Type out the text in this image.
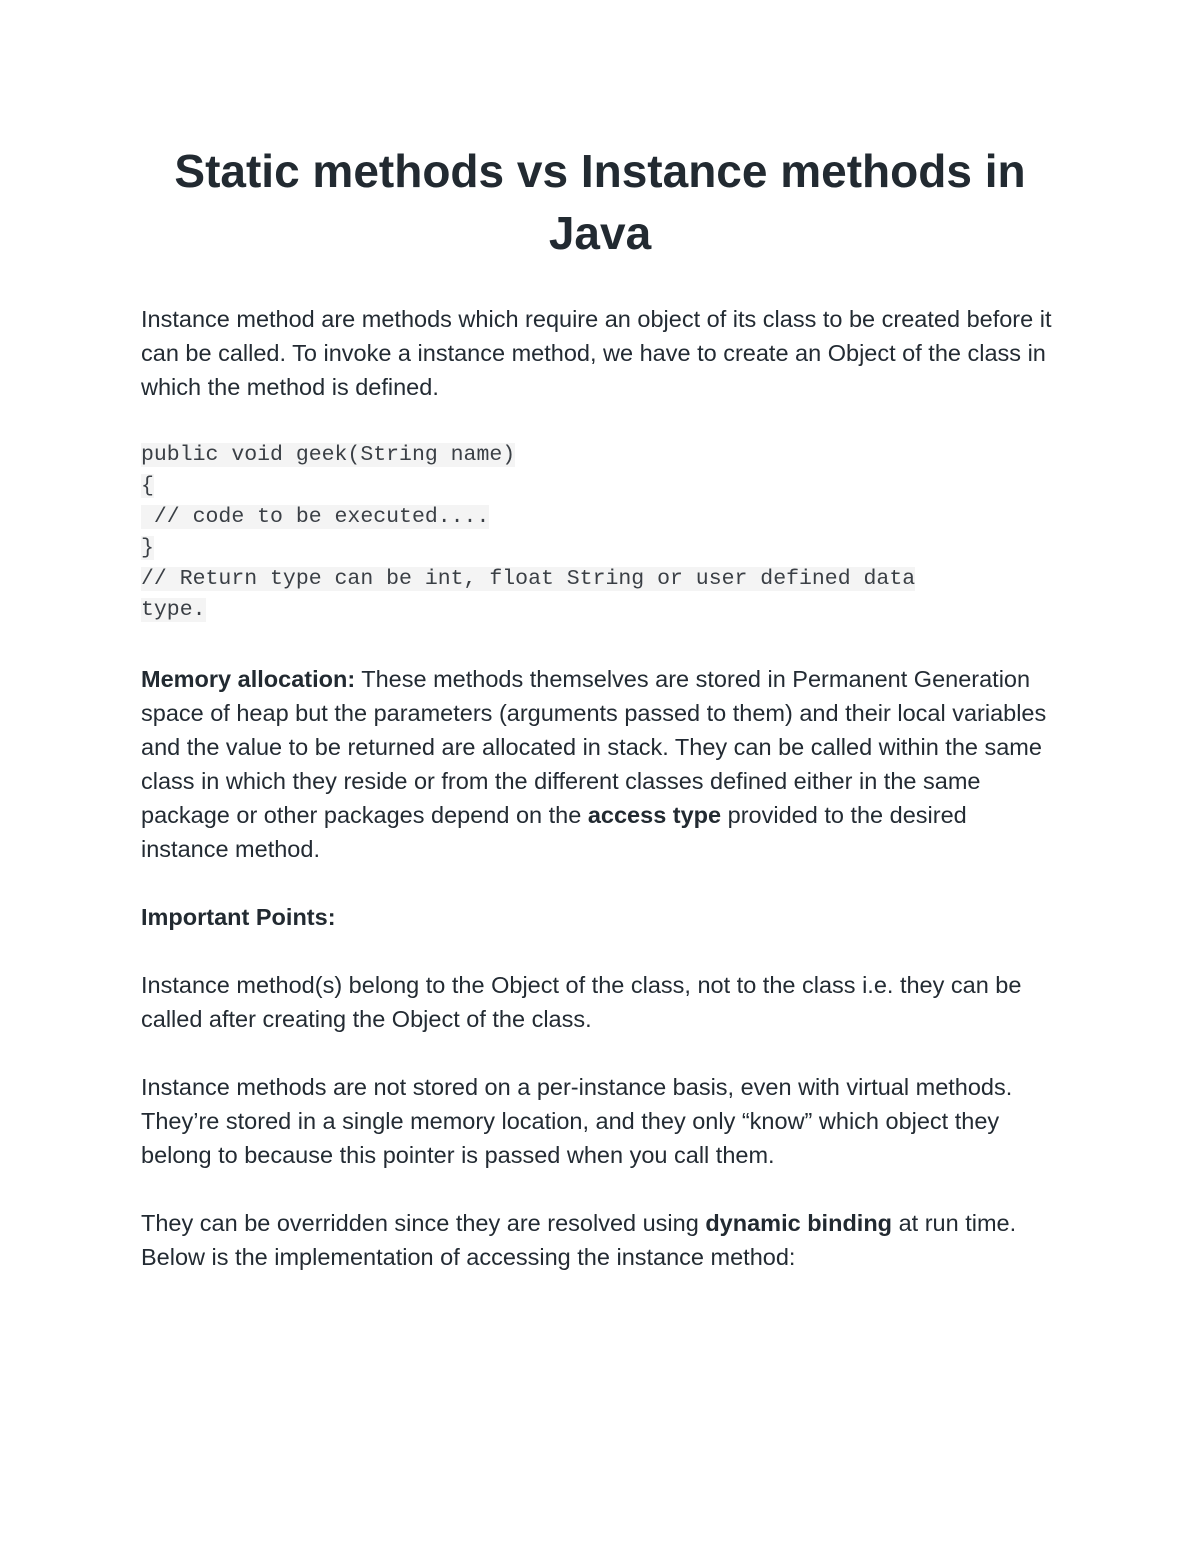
Static methods vs Instance methods in Java

Instance method are methods which require an object of its class to be created before it can be called. To invoke a instance method, we have to create an Object of the class in which the method is defined.

public void geek(String name)
{
// code to be executed....
}
// Return type can be int, float String or user defined data
type.

Memory allocation: These methods themselves are stored in Permanent Generation space of heap but the parameters (arguments passed to them) and their local variables and the value to be returned are allocated in stack. They can be called within the same class in which they reside or from the different classes defined either in the same package or other packages depend on the access type provided to the desired instance method.

Important Points:

Instance method(s) belong to the Object of the class, not to the class i.e. they can be called after creating the Object of the class.

Instance methods are not stored on a per-instance basis, even with virtual methods. They’re stored in a single memory location, and they only “know” which object they belong to because this pointer is passed when you call them.

They can be overridden since they are resolved using dynamic binding at run time.

Below is the implementation of accessing the instance method:
